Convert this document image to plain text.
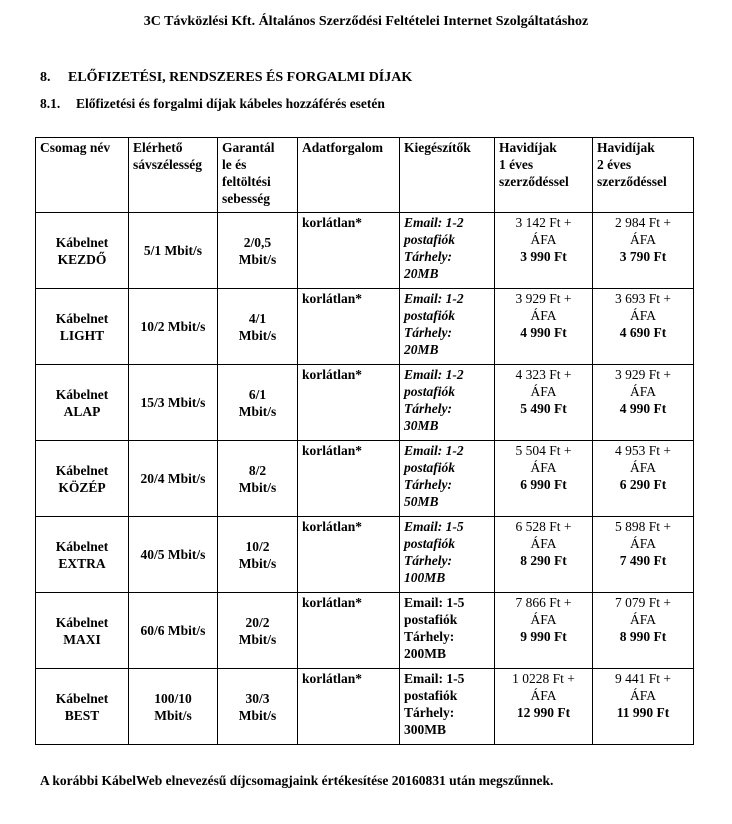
3C Távközlési Kft. Általános Szerződési Feltételei Internet Szolgáltatáshoz
8. ELŐFIZETÉSI, RENDSZERES ÉS FORGALMI DÍJAK
8.1. Előfizetési és forgalmi díjak kábeles hozzáférés esetén
Csomag név	Elérhető
sávszélesség	Garantál
le és
feltöltési
sebesség	Adatforgalom	Kiegészítők	Havidíjak
1 éves
szerződéssel	Havidíjak
2 éves
szerződéssel

Kábelnet
KEZDŐ	5/1 Mbit/s	2/0,5
Mbit/s	korlátlan*	Email: 1-2
postafiók
Tárhely:
20MB	3 142 Ft +
ÁFA
3 990 Ft	2 984 Ft +
ÁFA
3 790 Ft

Kábelnet
LIGHT	10/2 Mbit/s	4/1
Mbit/s	korlátlan*	Email: 1-2
postafiók
Tárhely:
20MB	3 929 Ft +
ÁFA
4 990 Ft	3 693 Ft +
ÁFA
4 690 Ft

Kábelnet
ALAP	15/3 Mbit/s	6/1
Mbit/s	korlátlan*	Email: 1-2
postafiók
Tárhely:
30MB	4 323 Ft +
ÁFA
5 490 Ft	3 929 Ft +
ÁFA
4 990 Ft

Kábelnet
KÖZÉP	20/4 Mbit/s	8/2
Mbit/s	korlátlan*	Email: 1-2
postafiók
Tárhely:
50MB	5 504 Ft +
ÁFA
6 990 Ft	4 953 Ft +
ÁFA
6 290 Ft

Kábelnet
EXTRA	40/5 Mbit/s	10/2
Mbit/s	korlátlan*	Email: 1-5
postafiók
Tárhely:
100MB	6 528 Ft +
ÁFA
8 290 Ft	5 898 Ft +
ÁFA
7 490 Ft

Kábelnet
MAXI	60/6 Mbit/s	20/2
Mbit/s	korlátlan*	Email: 1-5
postafiók
Tárhely:
200MB	7 866 Ft +
ÁFA
9 990 Ft	7 079 Ft +
ÁFA
8 990 Ft

Kábelnet
BEST	100/10
Mbit/s	30/3
Mbit/s	korlátlan*	Email: 1-5
postafiók
Tárhely:
300MB	1 0228 Ft +
ÁFA
12 990 Ft	9 441 Ft +
ÁFA
11 990 Ft
A korábbi KábelWeb elnevezésű díjcsomagjaink értékesítése 20160831 után megszűnnek.
